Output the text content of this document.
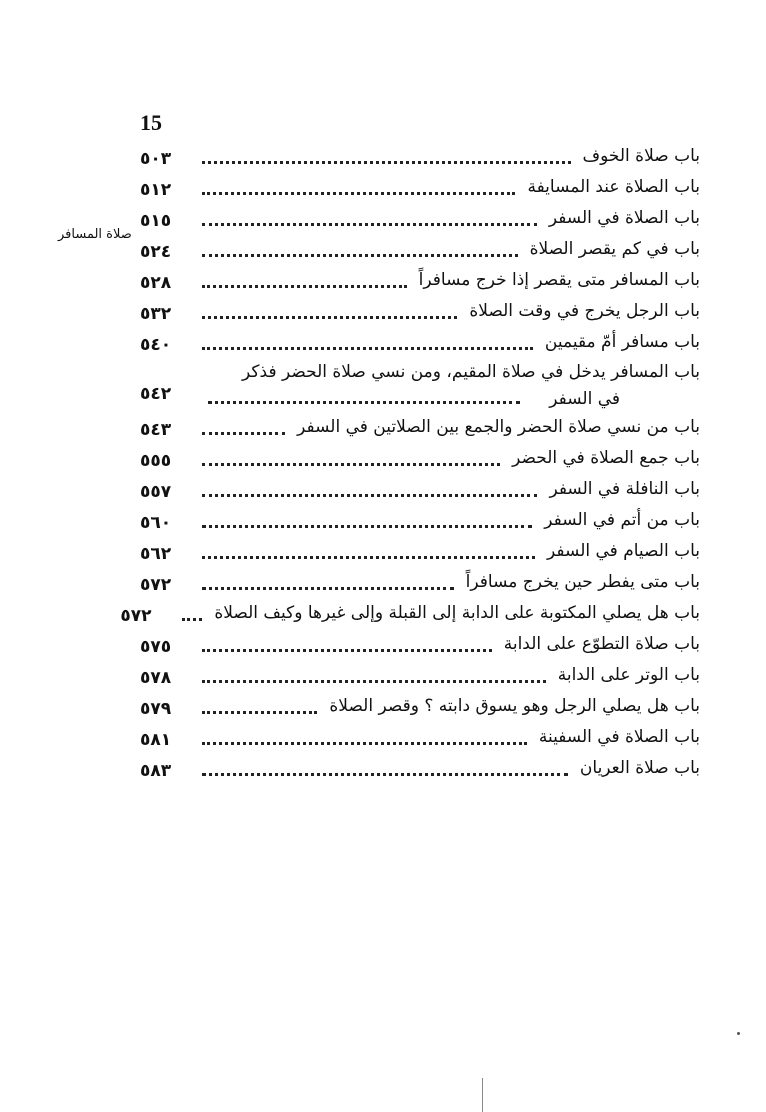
15
صلاة المسافر
باب صلاة الخوف
٥٠٣
باب الصلاة عند المسايفة
٥١٢
باب الصلاة في السفر
٥١٥
باب في كم يقصر الصلاة
٥٢٤
باب المسافر متى يقصر إذا خرج مسافراً
٥٢٨
باب الرجل يخرج في وقت الصلاة
٥٣٢
باب مسافر أمّ مقيمين
٥٤٠
باب المسافر يدخل في صلاة المقيم، ومن نسي صلاة الحضر فذكر
في السفر
٥٤٢
باب من نسي صلاة الحضر والجمع بين الصلاتين في السفر
٥٤٣
باب جمع الصلاة في الحضر
٥٥٥
باب النافلة في السفر
٥٥٧
باب من أتم في السفر
٥٦٠
باب الصيام في السفر
٥٦٢
باب متى يفطر حين يخرج مسافراً
٥٧٢
باب هل يصلي المكتوبة على الدابة إلى القبلة وإلى غيرها وكيف الصلاة
٥٧٢
باب صلاة التطوّع على الدابة
٥٧٥
باب الوتر على الدابة
٥٧٨
باب هل يصلي الرجل وهو يسوق دابته ؟ وقصر الصلاة
٥٧٩
باب الصلاة في السفينة
٥٨١
باب صلاة العريان
٥٨٣
